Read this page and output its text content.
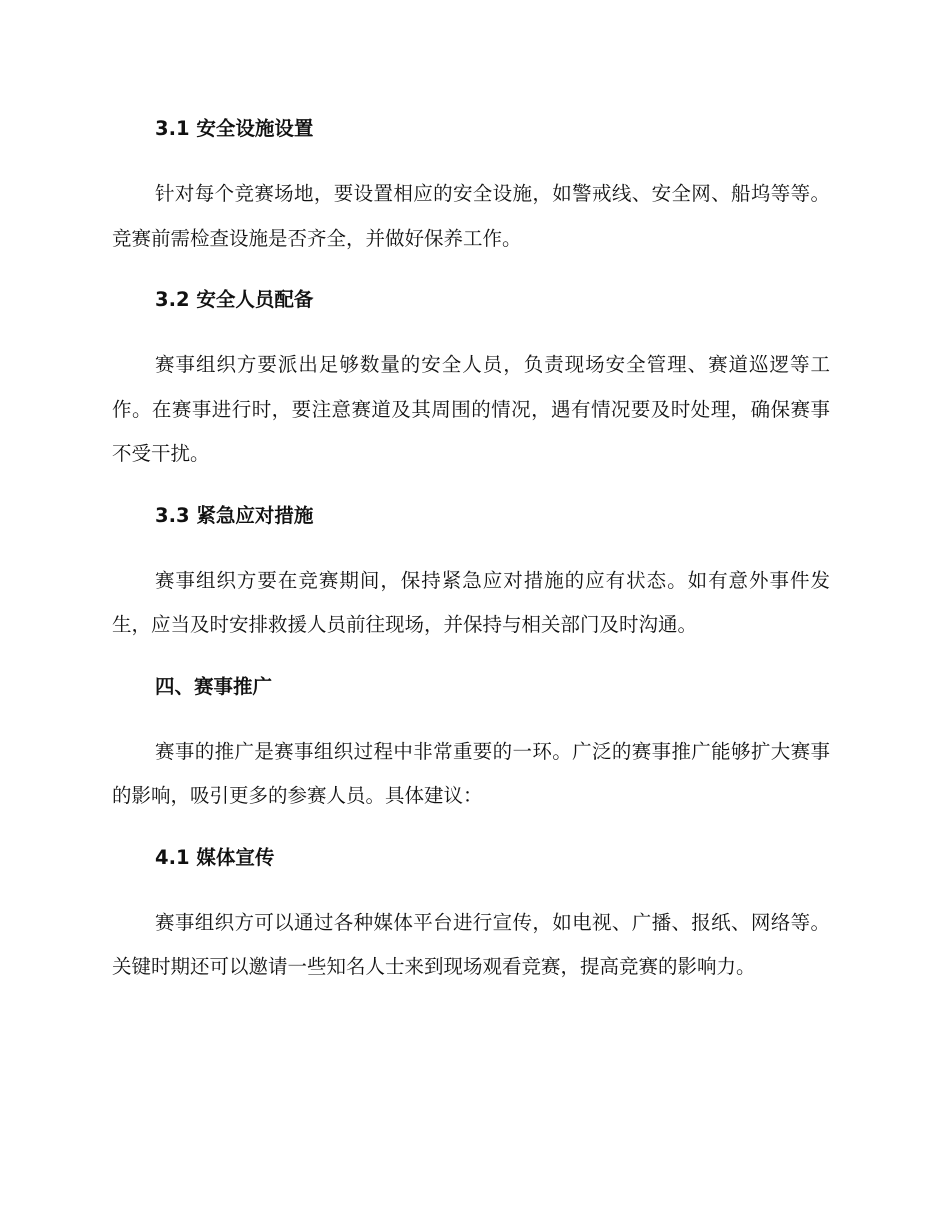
3.1 安全设施设置

针对每个竞赛场地，要设置相应的安全设施，如警戒线、安全网、船坞等等。竞赛前需检查设施是否齐全，并做好保养工作。

3.2 安全人员配备

赛事组织方要派出足够数量的安全人员，负责现场安全管理、赛道巡逻等工作。在赛事进行时，要注意赛道及其周围的情况，遇有情况要及时处理，确保赛事不受干扰。

3.3 紧急应对措施

赛事组织方要在竞赛期间，保持紧急应对措施的应有状态。如有意外事件发生，应当及时安排救援人员前往现场，并保持与相关部门及时沟通。

四、赛事推广

赛事的推广是赛事组织过程中非常重要的一环。广泛的赛事推广能够扩大赛事的影响，吸引更多的参赛人员。具体建议：

4.1 媒体宣传

赛事组织方可以通过各种媒体平台进行宣传，如电视、广播、报纸、网络等。关键时期还可以邀请一些知名人士来到现场观看竞赛，提高竞赛的影响力。
